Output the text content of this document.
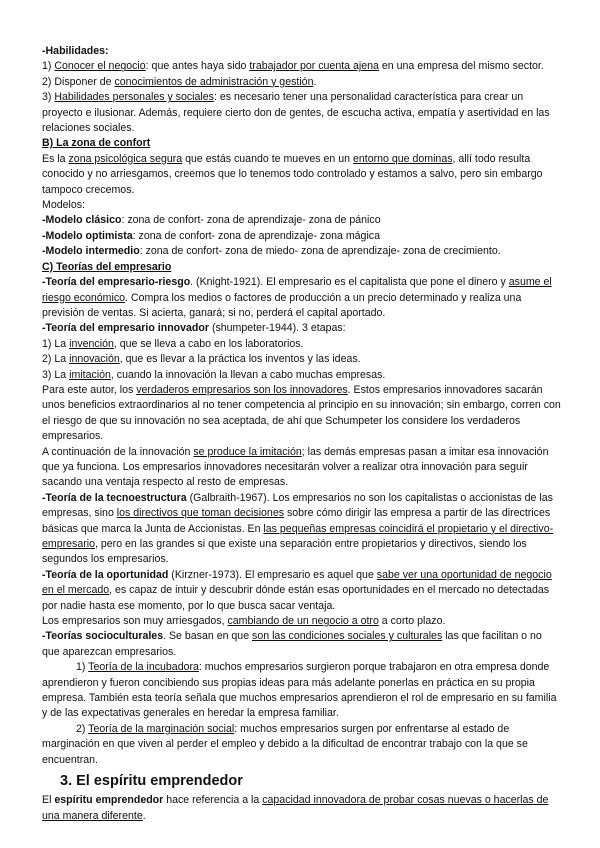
-Habilidades:

1) Conocer el negocio: que antes haya sido trabajador por cuenta ajena en una empresa del mismo sector.

2) Disponer de conocimientos de administración y gestión.

3) Habilidades personales y sociales: es necesario tener una personalidad característica para crear un proyecto e ilusionar. Además, requiere cierto don de gentes, de escucha activa, empatía y asertividad en las relaciones sociales.

B) La zona de confort

Es la zona psicológica segura que estás cuando te mueves en un entorno que dominas, allí todo resulta conocido y no arriesgamos, creemos que lo tenemos todo controlado y estamos a salvo, pero sin embargo tampoco crecemos.

Modelos:

-Modelo clásico: zona de confort- zona de aprendizaje- zona de pánico

-Modelo optimista: zona de confort- zona de aprendizaje- zona mágica

-Modelo intermedio: zona de confort- zona de miedo- zona de aprendizaje- zona de crecimiento.

C) Teorías del empresario

-Teoría del empresario-riesgo. (Knight-1921). El empresario es el capitalista que pone el dinero y asume el riesgo económico. Compra los medios o factores de producción a un precio determinado y realiza una previsión de ventas. Si acierta, ganará; si no, perderá el capital aportado.

-Teoría del empresario innovador (shumpeter-1944). 3 etapas:

1) La invención, que se lleva a cabo en los laboratorios.

2) La innovación, que es llevar a la práctica los inventos y las ideas.

3) La imitación, cuando la innovación la llevan a cabo muchas empresas.

Para este autor, los verdaderos empresarios son los innovadores. Estos empresarios innovadores sacarán unos beneficios extraordinarios al no tener competencia al principio en su innovación; sin embargo, corren con el riesgo de que su innovación no sea aceptada, de ahí que Schumpeter los considere los verdaderos empresarios.

A continuación de la innovación se produce la imitación; las demás empresas pasan a imitar esa innovación que ya funciona. Los empresarios innovadores necesitarán volver a realizar otra innovación para seguir sacando una ventaja respecto al resto de empresas.

-Teoría de la tecnoestructura (Galbraith-1967). Los empresarios no son los capitalistas o accionistas de las empresas, sino los directivos que toman decisiones sobre cómo dirigir las empresa a partir de las directrices básicas que marca la Junta de Accionistas. En las pequeñas empresas coincidirá el propietario y el directivo-empresario, pero en las grandes si que existe una separación entre propietarios y directivos, siendo los segundos los empresarios.

-Teoría de la oportunidad (Kirzner-1973). El empresario es aquel que sabe ver una oportunidad de negocio en el mercado, es capaz de intuir y descubrir dónde están esas oportunidades en el mercado no detectadas por nadie hasta ese momento, por lo que busca sacar ventaja.

Los empresarios son muy arriesgados, cambiando de un negocio a otro a corto plazo.

-Teorías socioculturales. Se basan en que son las condiciones sociales y culturales las que facilitan o no que aparezcan empresarios.

1) Teoría de la incubadora: muchos empresarios surgieron porque trabajaron en otra empresa donde aprendieron y fueron concibiendo sus propias ideas para más adelante ponerlas en práctica en su propia empresa. También esta teoría señala que muchos empresarios aprendieron el rol de empresario en su familia y de las expectativas generales en heredar la empresa familiar.

2) Teoría de la marginación social: muchos empresarios surgen por enfrentarse al estado de marginación en que viven al perder el empleo y debido a la dificultad de encontrar trabajo con la que se encuentran.

3. El espíritu emprendedor

El espíritu emprendedor hace referencia a la capacidad innovadora de probar cosas nuevas o hacerlas de una manera diferente.
